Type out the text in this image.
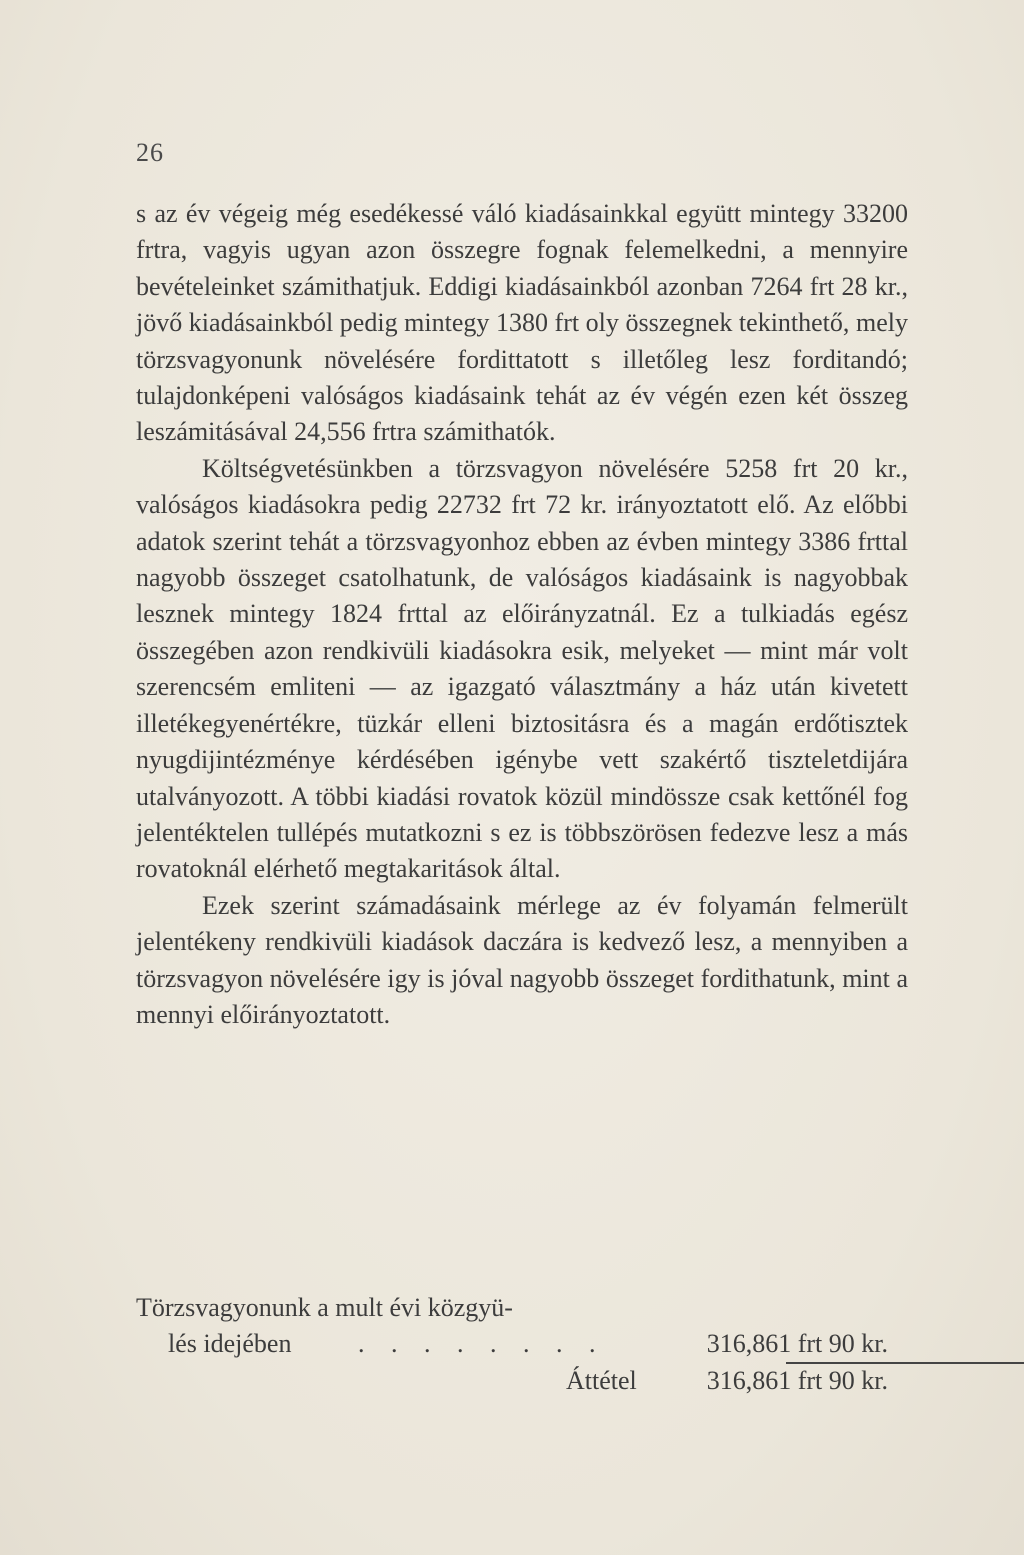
26

s az év végeig még esedékessé váló kiadásainkkal együtt mintegy 33200 frtra, vagyis ugyan azon összegre fognak felemelkedni, a mennyire bevételeinket számithatjuk. Eddigi kiadásainkból azonban 7264 frt 28 kr., jövő kiadásainkból pedig mintegy 1380 frt oly összegnek tekinthető, mely törzsvagyonunk növelésére fordittatott s illetőleg lesz forditandó; tulajdonképeni valóságos kiadásaink tehát az év végén ezen két összeg leszámitásával 24,556 frtra számithatók.

Költségvetésünkben a törzsvagyon növelésére 5258 frt 20 kr., valóságos kiadásokra pedig 22732 frt 72 kr. irányoztatott elő. Az előbbi adatok szerint tehát a törzsvagyonhoz ebben az évben mintegy 3386 frttal nagyobb összeget csatolhatunk, de valóságos kiadásaink is nagyobbak lesznek mintegy 1824 frttal az előirányzatnál. Ez a tulkiadás egész összegében azon rendkivüli kiadásokra esik, melyeket — mint már volt szerencsém emliteni — az igazgató választmány a ház után kivetett illetékegyenértékre, tüzkár elleni biztositásra és a magán erdőtisztek nyugdijintézménye kérdésében igénybe vett szakértő tiszteletdijára utalványozott. A többi kiadási rovatok közül mindössze csak kettőnél fog jelentéktelen tullépés mutatkozni s ez is többszörösen fedezve lesz a más rovatoknál elérhető megtakaritások által.

Ezek szerint számadásaink mérlege az év folyamán felmerült jelentékeny rendkivüli kiadások daczára is kedvező lesz, a mennyiben a törzsvagyon növelésére igy is jóval nagyobb összeget fordithatunk, mint a mennyi előirányoztatott.

Törzsvagyonunk a mult évi közgyü-
lés idejében	. . . . . . . .	316,861 frt 90 kr.
Áttétel	316,861 frt 90 kr.
